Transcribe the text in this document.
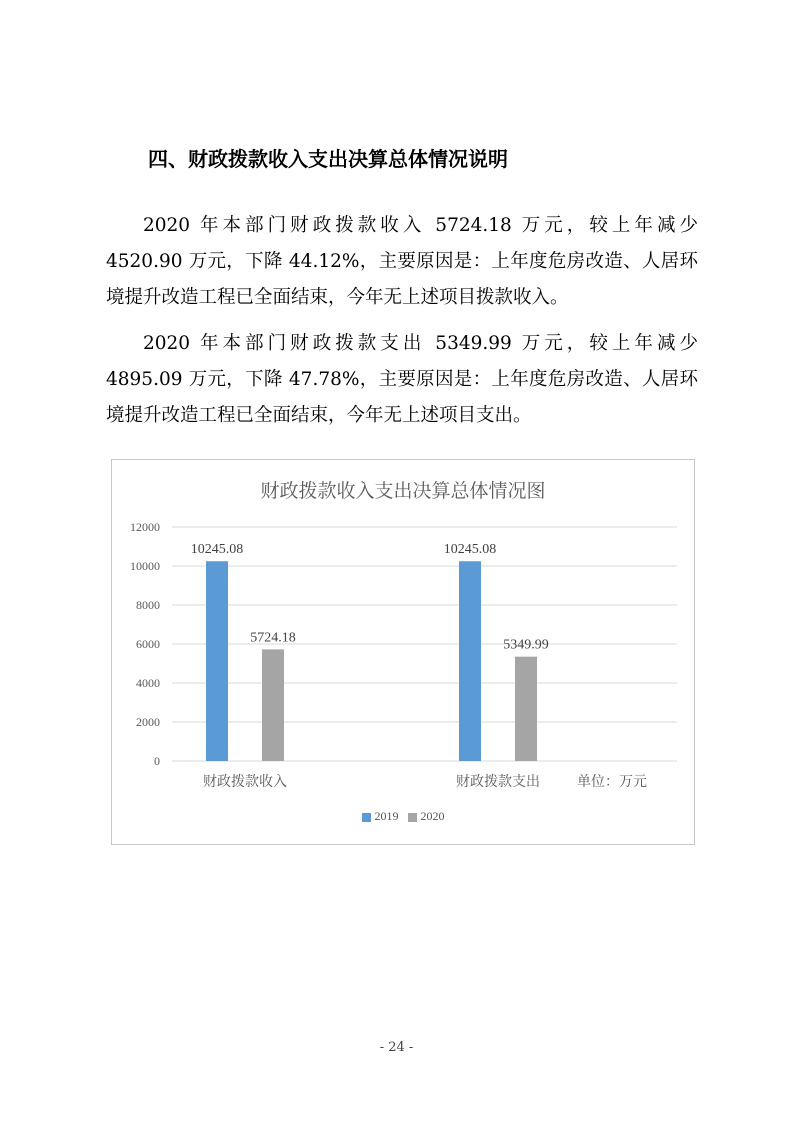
四、财政拨款收入支出决算总体情况说明

2020 年本部门财政拨款收入 5724.18 万元，较上年减少 4520.90 万元，下降 44.12%，主要原因是：上年度危房改造、人居环境提升改造工程已全面结束，今年无上述项目拨款收入。

2020 年本部门财政拨款支出 5349.99 万元，较上年减少 4895.09 万元，下降 47.78%，主要原因是：上年度危房改造、人居环境提升改造工程已全面结束，今年无上述项目支出。

财政拨款收入支出决算总体情况图
0
2000
4000
6000
8000
10000
12000
10245.08
5724.18
财政拨款收入
10245.08
5349.99
财政拨款支出	单位：万元
2019 2020
- 24 -
